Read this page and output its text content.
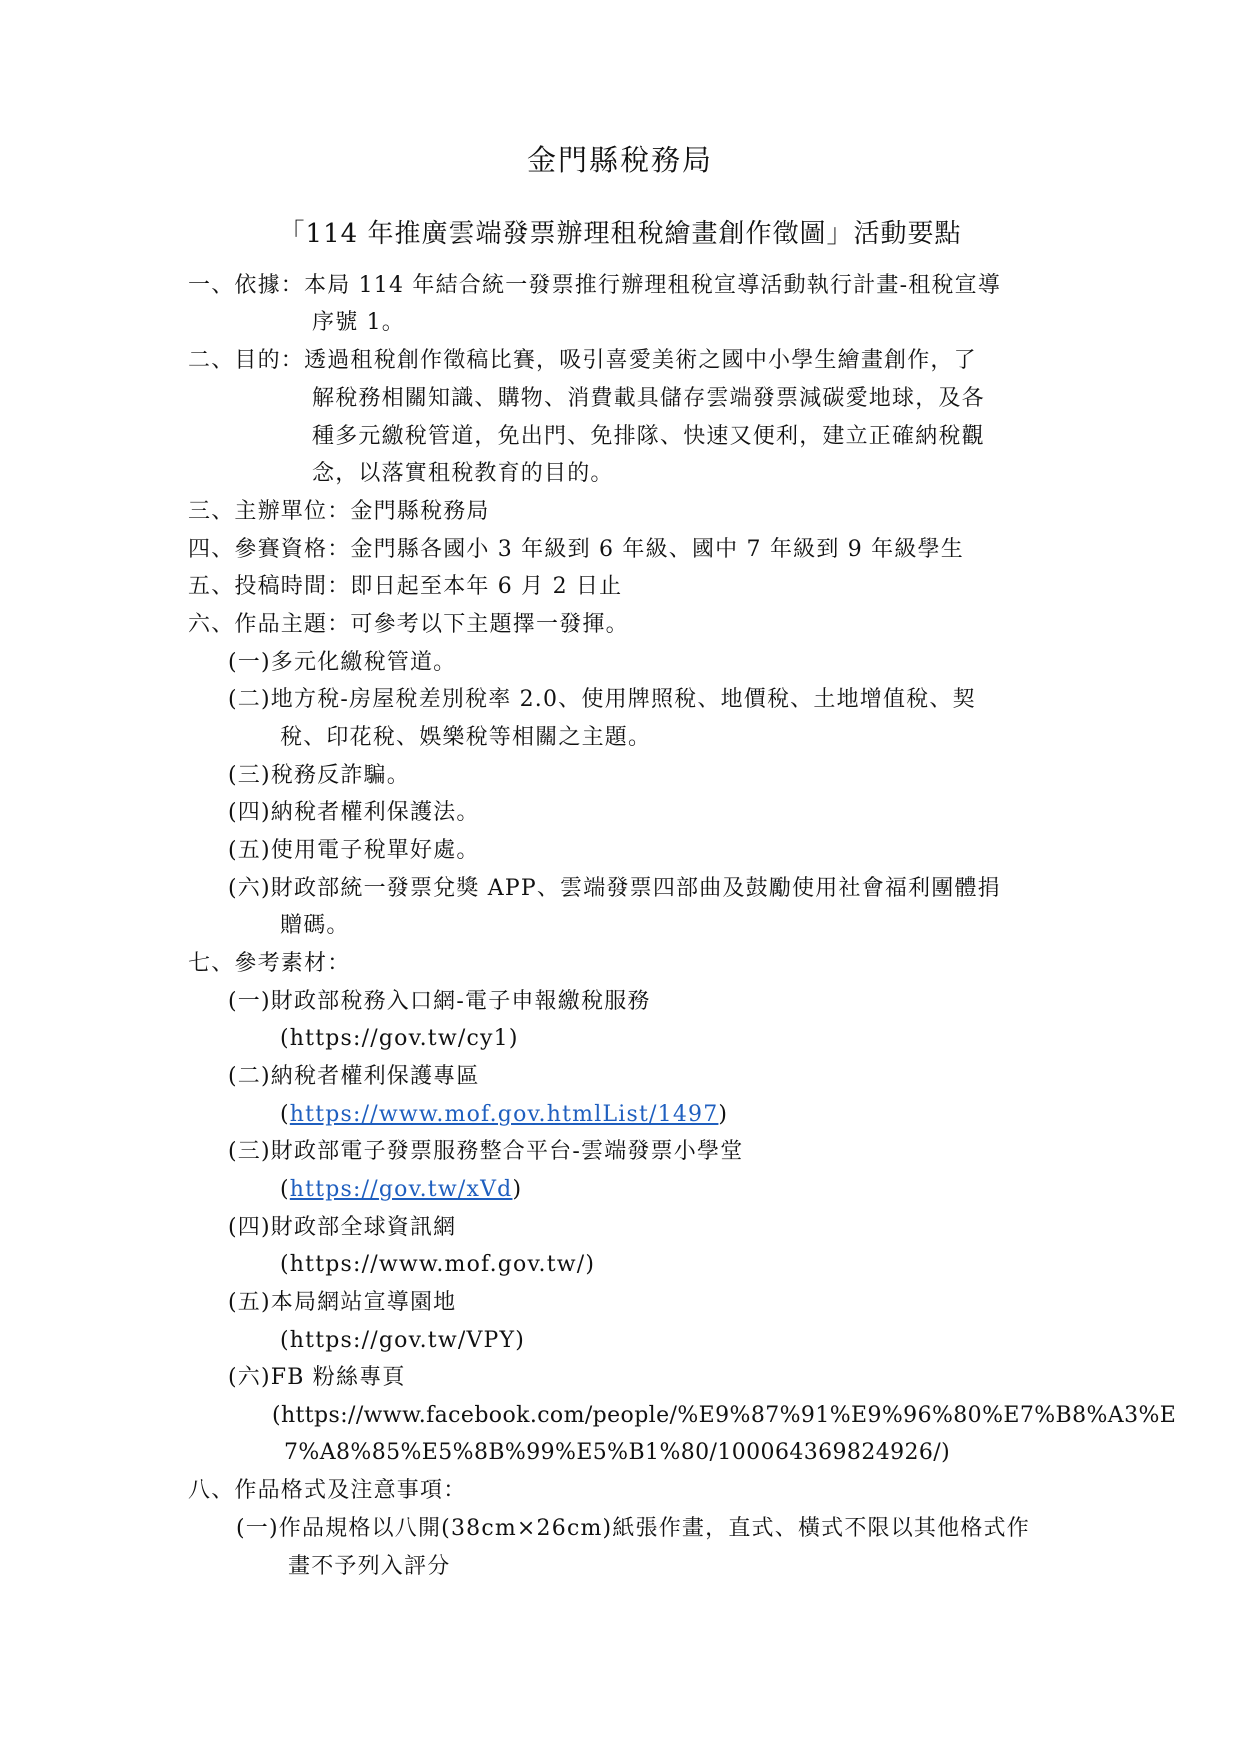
金門縣稅務局
「114 年推廣雲端發票辦理租稅繪畫創作徵圖」活動要點
一、依據：本局 114 年結合統一發票推行辦理租稅宣導活動執行計畫-租稅宣導
序號 1。
二、目的：透過租稅創作徵稿比賽，吸引喜愛美術之國中小學生繪畫創作，了
解稅務相關知識、購物、消費載具儲存雲端發票減碳愛地球，及各
種多元繳稅管道，免出門、免排隊、快速又便利，建立正確納稅觀
念，以落實租稅教育的目的。
三、主辦單位：金門縣稅務局
四、參賽資格：金門縣各國小 3 年級到 6 年級、國中 7 年級到 9 年級學生
五、投稿時間：即日起至本年 6 月 2 日止
六、作品主題：可參考以下主題擇一發揮。
(一)多元化繳稅管道。
(二)地方稅-房屋稅差別稅率 2.0、使用牌照稅、地價稅、土地增值稅、契
稅、印花稅、娛樂稅等相關之主題。
(三)稅務反詐騙。
(四)納稅者權利保護法。
(五)使用電子稅單好處。
(六)財政部統一發票兌獎 APP、雲端發票四部曲及鼓勵使用社會福利團體捐
贈碼。
七、參考素材：
(一)財政部稅務入口網-電子申報繳稅服務
(https://gov.tw/cy1)
(二)納稅者權利保護專區
(https://www.mof.gov.htmlList/1497)
(三)財政部電子發票服務整合平台-雲端發票小學堂
(https://gov.tw/xVd)
(四)財政部全球資訊網
(https://www.mof.gov.tw/)
(五)本局網站宣導園地
(https://gov.tw/VPY)
(六)FB 粉絲專頁
(https://www.facebook.com/people/%E9%87%91%E9%96%80%E7%B8%A3%E
7%A8%85%E5%8B%99%E5%B1%80/100064369824926/)
八、作品格式及注意事項：
(一)作品規格以八開(38cm×26cm)紙張作畫，直式、橫式不限以其他格式作
畫不予列入評分
